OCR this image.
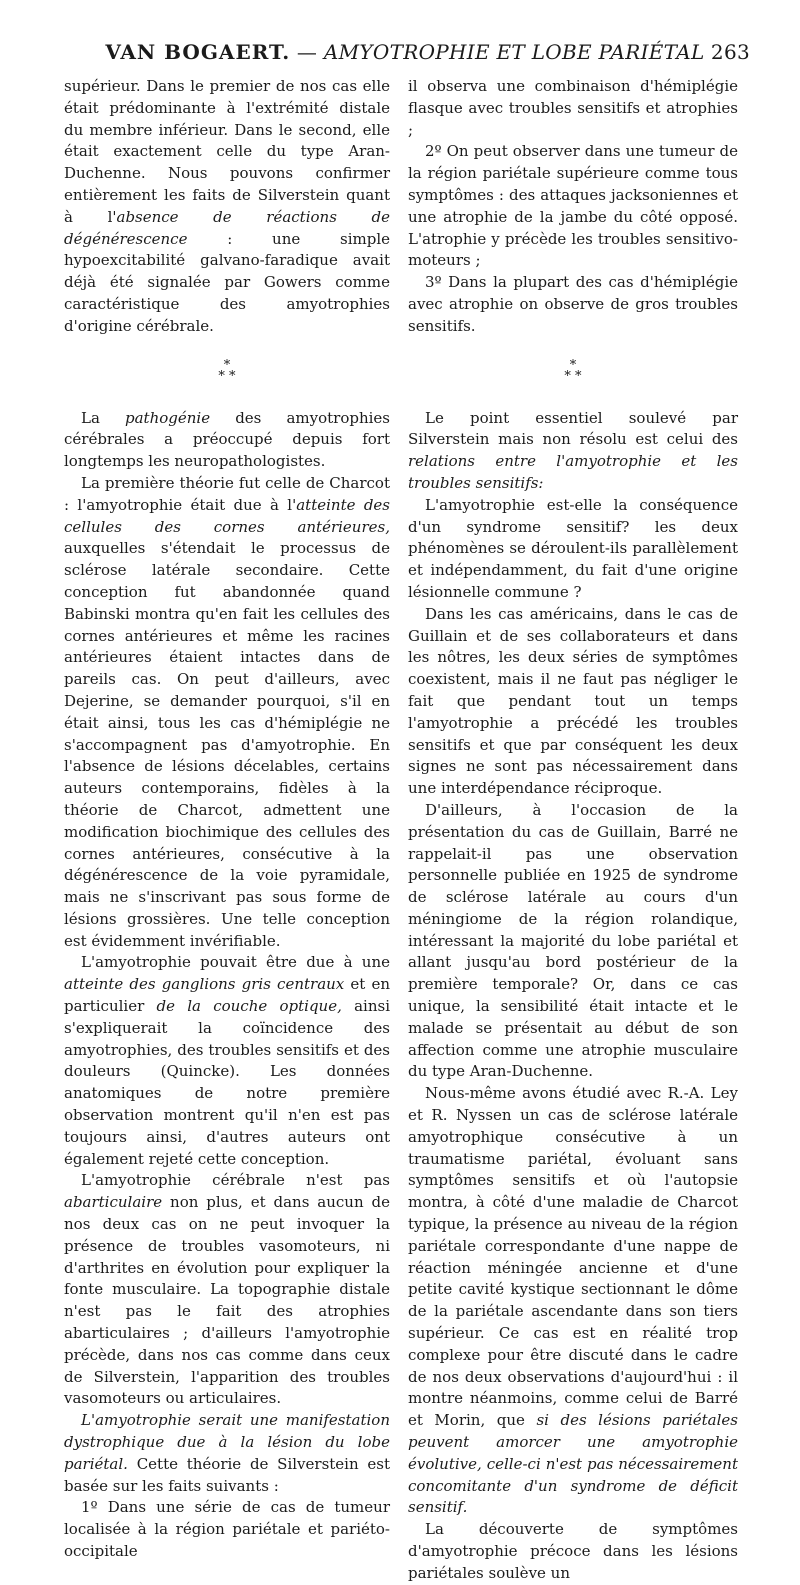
VAN BOGAERT. — AMYOTROPHIE ET LOBE PARIÉTAL 263

supérieur. Dans le premier de nos cas elle était prédominante à l'extrémité distale du membre inférieur. Dans le second, elle était exactement celle du type Aran-Duchenne. Nous pouvons confirmer entièrement les faits de Silverstein quant à l'absence de réactions de dégénérescence : une simple hypoexcitabilité galvano-faradique avait déjà été signalée par Gowers comme caractéristique des amyotrophies d'origine cérébrale.

*
* *

La pathogénie des amyotrophies cérébrales a préoccupé depuis fort longtemps les neuropathologistes.

La première théorie fut celle de Charcot : l'amyotrophie était due à l'atteinte des cellules des cornes antérieures, auxquelles s'étendait le processus de sclérose latérale secondaire. Cette conception fut abandonnée quand Babinski montra qu'en fait les cellules des cornes antérieures et même les racines antérieures étaient intactes dans de pareils cas. On peut d'ailleurs, avec Dejerine, se demander pourquoi, s'il en était ainsi, tous les cas d'hémiplégie ne s'accompagnent pas d'amyotrophie. En l'absence de lésions décelables, certains auteurs contemporains, fidèles à la théorie de Charcot, admettent une modification biochimique des cellules des cornes antérieures, consécutive à la dégénérescence de la voie pyramidale, mais ne s'inscrivant pas sous forme de lésions grossières. Une telle conception est évidemment invérifiable.

L'amyotrophie pouvait être due à une atteinte des ganglions gris centraux et en particulier de la couche optique, ainsi s'expliquerait la coïncidence des amyotrophies, des troubles sensitifs et des douleurs (Quincke). Les données anatomiques de notre première observation montrent qu'il n'en est pas toujours ainsi, d'autres auteurs ont également rejeté cette conception.

L'amyotrophie cérébrale n'est pas abarticulaire non plus, et dans aucun de nos deux cas on ne peut invoquer la présence de troubles vasomoteurs, ni d'arthrites en évolution pour expliquer la fonte musculaire. La topographie distale n'est pas le fait des atrophies abarticulaires ; d'ailleurs l'amyotrophie précède, dans nos cas comme dans ceux de Silverstein, l'apparition des troubles vasomoteurs ou articulaires.

L'amyotrophie serait une manifestation dystrophique due à la lésion du lobe pariétal. Cette théorie de Silverstein est basée sur les faits suivants :

1º Dans une série de cas de tumeur localisée à la région pariétale et pariéto-occipitale

il observa une combinaison d'hémiplégie flasque avec troubles sensitifs et atrophies ;

2º On peut observer dans une tumeur de la région pariétale supérieure comme tous symptômes : des attaques jacksoniennes et une atrophie de la jambe du côté opposé. L'atrophie y précède les troubles sensitivo-moteurs ;

3º Dans la plupart des cas d'hémiplégie avec atrophie on observe de gros troubles sensitifs.

*
* *

Le point essentiel soulevé par Silverstein mais non résolu est celui des relations entre l'amyotrophie et les troubles sensitifs:

L'amyotrophie est-elle la conséquence d'un syndrome sensitif? les deux phénomènes se déroulent-ils parallèlement et indépendamment, du fait d'une origine lésionnelle commune ?

Dans les cas américains, dans le cas de Guillain et de ses collaborateurs et dans les nôtres, les deux séries de symptômes coexistent, mais il ne faut pas négliger le fait que pendant tout un temps l'amyotrophie a précédé les troubles sensitifs et que par conséquent les deux signes ne sont pas nécessairement dans une interdépendance réciproque.

D'ailleurs, à l'occasion de la présentation du cas de Guillain, Barré ne rappelait-il pas une observation personnelle publiée en 1925 de syndrome de sclérose latérale au cours d'un méningiome de la région rolandique, intéressant la majorité du lobe pariétal et allant jusqu'au bord postérieur de la première temporale? Or, dans ce cas unique, la sensibilité était intacte et le malade se présentait au début de son affection comme une atrophie musculaire du type Aran-Duchenne.

Nous-même avons étudié avec R.-A. Ley et R. Nyssen un cas de sclérose latérale amyotrophique consécutive à un traumatisme pariétal, évoluant sans symptômes sensitifs et où l'autopsie montra, à côté d'une maladie de Charcot typique, la présence au niveau de la région pariétale correspondante d'une nappe de réaction méningée ancienne et d'une petite cavité kystique sectionnant le dôme de la pariétale ascendante dans son tiers supérieur. Ce cas est en réalité trop complexe pour être discuté dans le cadre de nos deux observations d'aujourd'hui : il montre néanmoins, comme celui de Barré et Morin, que si des lésions pariétales peuvent amorcer une amyotrophie évolutive, celle-ci n'est pas nécessairement concomitante d'un syndrome de déficit sensitif.

La découverte de symptômes d'amyotrophie précoce dans les lésions pariétales soulève un
